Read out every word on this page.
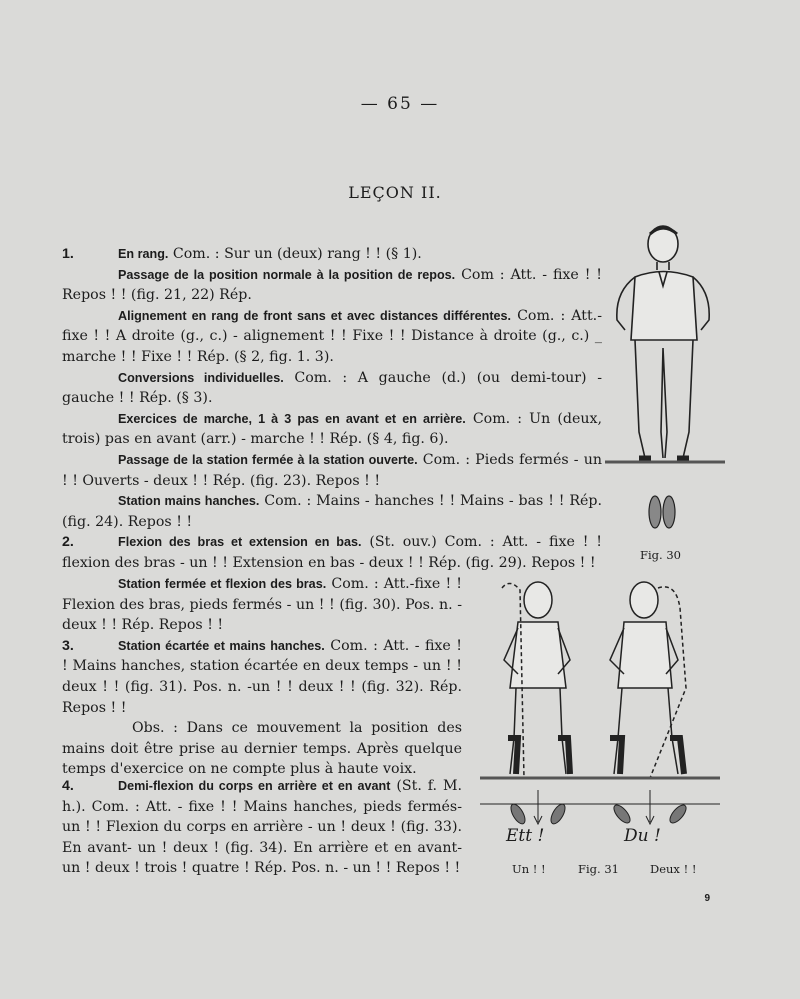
— 65 —
LEÇON II.

1.	En rang. Com. : Sur un (deux) rang ! ! (§ 1).

Passage de la position normale à la position de repos. Com : Att. - fixe ! ! Repos ! ! (fig. 21, 22) Rép.

Alignement en rang de front sans et avec distances différentes. Com. : Att.- fixe ! ! A droite (g., c.) - alignement ! ! Fixe ! ! Distance à droite (g., c.) _ marche ! ! Fixe ! ! Rép. (§ 2, fig. 1. 3).

Conversions individuelles. Com. : A gauche (d.) (ou demi-tour) - gauche ! ! Rép. (§ 3).

Exercices de marche, 1 à 3 pas en avant et en arrière. Com. : Un (deux, trois) pas en avant (arr.) - marche ! ! Rép. (§ 4, fig. 6).

Passage de la station fermée à la station ouverte. Com. : Pieds fermés - un ! ! Ouverts - deux ! ! Rép. (fig. 23). Repos ! !

Station mains hanches. Com. : Mains - hanches ! ! Mains - bas ! ! Rép. (fig. 24). Repos ! !

2.	Flexion des bras et extension en bas. (St. ouv.) Com. : Att. - fixe ! ! flexion des bras - un ! ! Extension en bas - deux ! ! Rép. (fig. 29). Repos ! !

Station fermée et flexion des bras. Com. : Att.-fixe ! ! Flexion des bras, pieds fermés - un ! ! (fig. 30). Pos. n. - deux ! ! Rép. Repos ! !

3.	Station écartée et mains hanches. Com. : Att. - fixe ! ! Mains hanches, station écartée en deux temps - un ! ! deux ! ! (fig. 31). Pos. n. -un ! ! deux ! ! (fig. 32). Rép. Repos ! !

Obs. : Dans ce mouvement la position des mains doit être prise au dernier temps. Après quelque temps d'exercice on ne compte plus à haute voix.

4.	Demi-flexion du corps en arrière et en avant (St. f. M. h.). Com. : Att. - fixe ! ! Mains hanches, pieds fermés- un ! ! Flexion du corps en arrière - un ! deux ! (fig. 33). En avant- un ! deux ! (fig. 34). En arrière et en avant- un ! deux ! trois ! quatre ! Rép. Pos. n. - un ! ! Repos ! !

Fig. 30
Ett !	Du !
Un ! !	Fig. 31	Deux ! !
9
